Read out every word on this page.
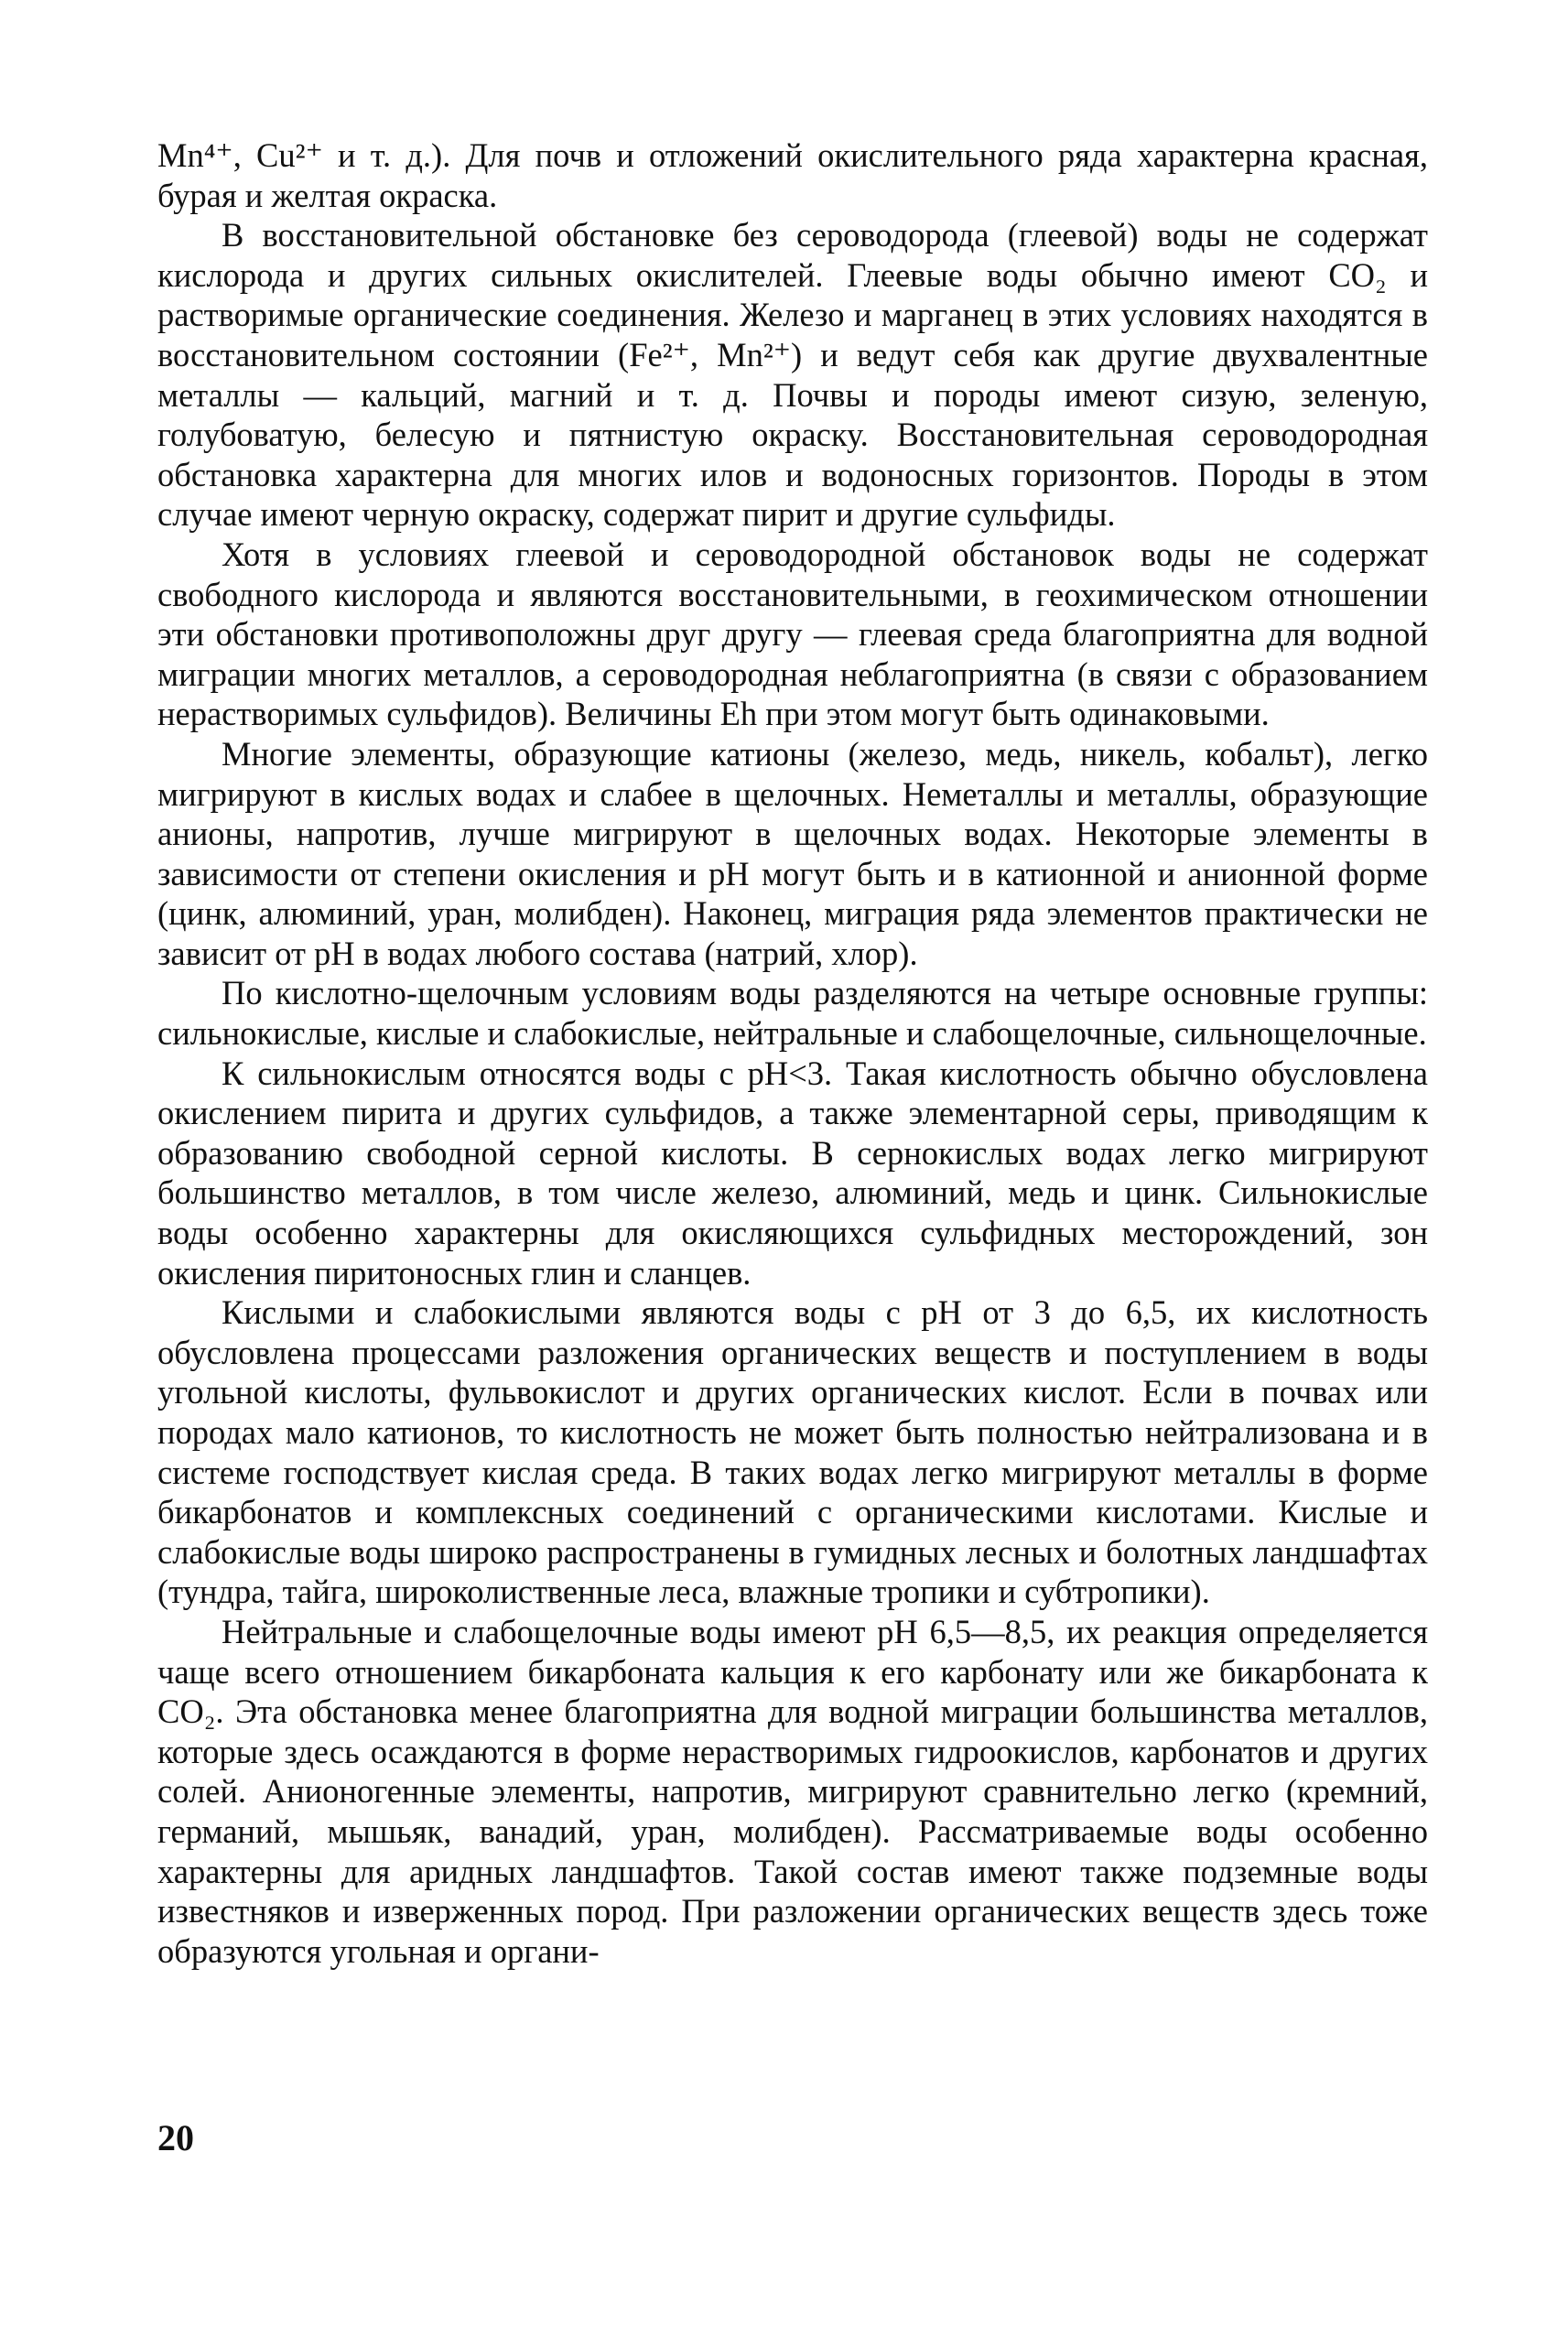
Mn⁴⁺, Cu²⁺ и т. д.). Для почв и отложений окислительного ряда характерна красная, бурая и желтая окраска.

В восстановительной обстановке без сероводорода (глеевой) воды не содержат кислорода и других сильных окислителей. Глеевые воды обычно имеют CO₂ и растворимые органические соединения. Железо и марганец в этих условиях находятся в восстановительном состоянии (Fe²⁺, Mn²⁺) и ведут себя как другие двухвалентные металлы — кальций, магний и т. д. Почвы и породы имеют сизую, зеленую, голубоватую, белесую и пятнистую окраску. Восстановительная сероводородная обстановка характерна для многих илов и водоносных горизонтов. Породы в этом случае имеют черную окраску, содержат пирит и другие сульфиды.

Хотя в условиях глеевой и сероводородной обстановок воды не содержат свободного кислорода и являются восстановительными, в геохимическом отношении эти обстановки противоположны друг другу — глеевая среда благоприятна для водной миграции многих металлов, а сероводородная неблагоприятна (в связи с образованием нерастворимых сульфидов). Величины Eh при этом могут быть одинаковыми.

Многие элементы, образующие катионы (железо, медь, никель, кобальт), легко мигрируют в кислых водах и слабее в щелочных. Неметаллы и металлы, образующие анионы, напротив, лучше мигрируют в щелочных водах. Некоторые элементы в зависимости от степени окисления и pH могут быть и в катионной и анионной форме (цинк, алюминий, уран, молибден). Наконец, миграция ряда элементов практически не зависит от pH в водах любого состава (натрий, хлор).

По кислотно-щелочным условиям воды разделяются на четыре основные группы: сильнокислые, кислые и слабокислые, нейтральные и слабощелочные, сильнощелочные.

К сильнокислым относятся воды с pH<3. Такая кислотность обычно обусловлена окислением пирита и других сульфидов, а также элементарной серы, приводящим к образованию свободной серной кислоты. В сернокислых водах легко мигрируют большинство металлов, в том числе железо, алюминий, медь и цинк. Сильнокислые воды особенно характерны для окисляющихся сульфидных месторождений, зон окисления пиритоносных глин и сланцев.

Кислыми и слабокислыми являются воды с pH от 3 до 6,5, их кислотность обусловлена процессами разложения органических веществ и поступлением в воды угольной кислоты, фульвокислот и других органических кислот. Если в почвах или породах мало катионов, то кислотность не может быть полностью нейтрализована и в системе господствует кислая среда. В таких водах легко мигрируют металлы в форме бикарбонатов и комплексных соединений с органическими кислотами. Кислые и слабокислые воды широко распространены в гумидных лесных и болотных ландшафтах (тундра, тайга, широколиственные леса, влажные тропики и субтропики).

Нейтральные и слабощелочные воды имеют pH 6,5—8,5, их реакция определяется чаще всего отношением бикарбоната кальция к его карбонату или же бикарбоната к CO₂. Эта обстановка менее благоприятна для водной миграции большинства металлов, которые здесь осаждаются в форме нерастворимых гидроокислов, карбонатов и других солей. Анионогенные элементы, напротив, мигрируют сравнительно легко (кремний, германий, мышьяк, ванадий, уран, молибден). Рассматриваемые воды особенно характерны для аридных ландшафтов. Такой состав имеют также подземные воды известняков и изверженных пород. При разложении органических веществ здесь тоже образуются угольная и органи-

20
